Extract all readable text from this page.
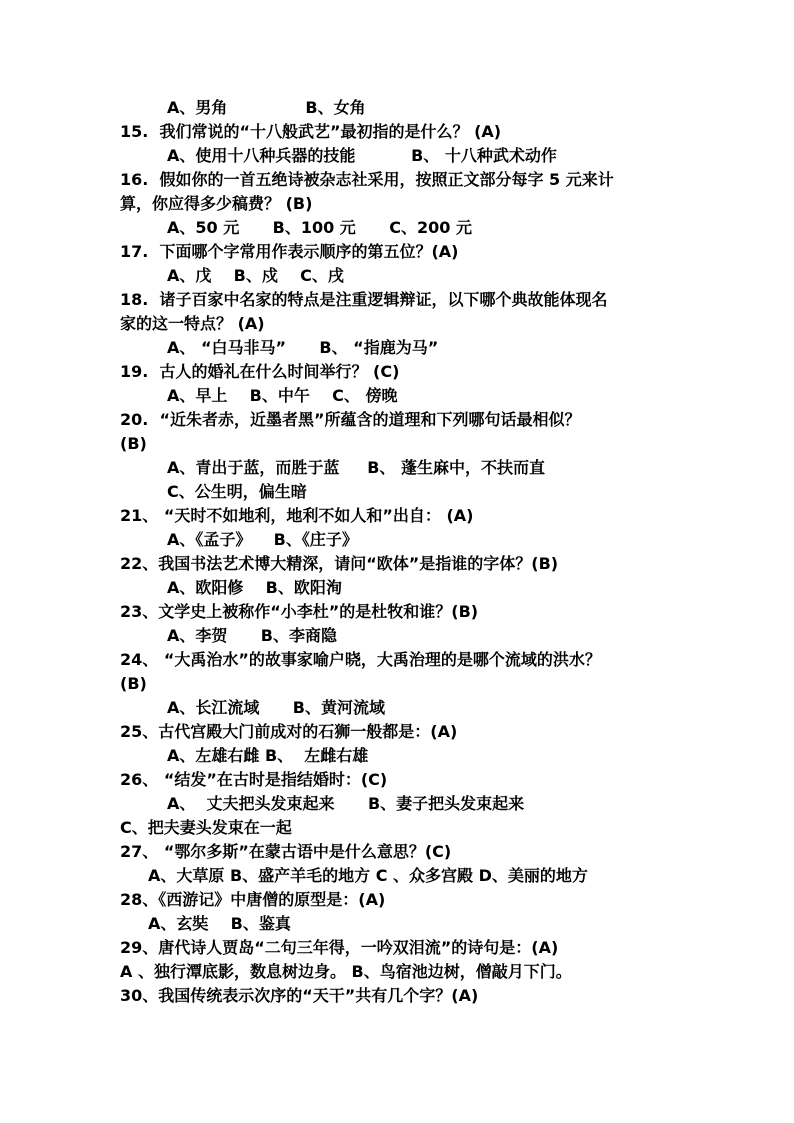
A、男角              B、女角
15.  我们常说的“十八般武艺”最初指的是什么？ (A)
A、使用十八种兵器的技能          B、 十八种武术动作
16.  假如你的一首五绝诗被杂志社采用，按照正文部分每字 5 元来计
算，你应得多少稿费？ (B)
A、50 元      B、100 元      C、200 元
17.  下面哪个字常用作表示顺序的第五位？(A)
A、戊    B、戍    C、戌
18.  诸子百家中名家的特点是注重逻辑辩证，以下哪个典故能体现名
家的这一特点？ (A)
A、 “白马非马”      B、 “指鹿为马”
19.  古人的婚礼在什么时间举行？ (C)
A、早上    B、中午    C、 傍晚
20.  “近朱者赤，近墨者黑”所蕴含的道理和下列哪句话最相似？
(B)
A、青出于蓝，而胜于蓝     B、 蓬生麻中，不扶而直
C、公生明，偏生暗
21、 “天时不如地利，地利不如人和”出自： (A)
A、《孟子》    B、《庄子》
22、我国书法艺术博大精深，请问“欧体”是指谁的字体？(B)
A、欧阳修    B、欧阳洵
23、文学史上被称作“小李杜”的是杜牧和谁？(B)
A、李贺      B、李商隐
24、 “大禹治水”的故事家喻户晓，大禹治理的是哪个流域的洪水？
(B)
A、长江流域      B、黄河流域
25、古代宫殿大门前成对的石狮一般都是：(A)
A、左雄右雌 B、  左雌右雄
26、 “结发”在古时是指结婚时：(C)
A、  丈夫把头发束起来      B、妻子把头发束起来
C、把夫妻头发束在一起
27、 “鄂尔多斯”在蒙古语中是什么意思？(C)
A、大草原 B、盛产羊毛的地方 C 、众多宫殿 D、美丽的地方
28、《西游记》中唐僧的原型是：(A)
A、玄奘    B、鉴真
29、唐代诗人贾岛“二句三年得，一吟双泪流”的诗句是：(A)
A 、独行潭底影，数息树边身。 B、鸟宿池边树，僧敲月下门。
30、我国传统表示次序的“天干”共有几个字？(A)
